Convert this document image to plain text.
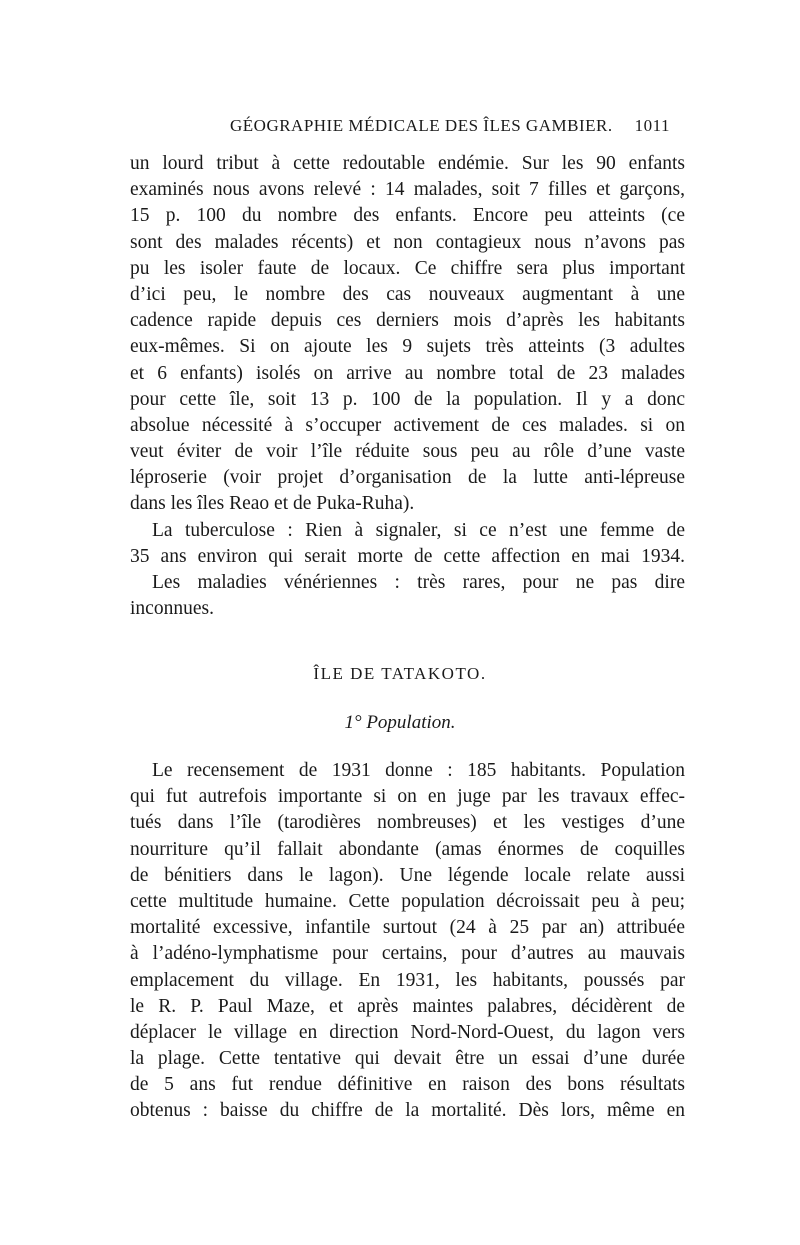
GÉOGRAPHIE MÉDICALE DES ÎLES GAMBIER. 1011
un lourd tribut à cette redoutable endémie. Sur les 90 enfants
examinés nous avons relevé : 14 malades, soit 7 filles et garçons,
15 p. 100 du nombre des enfants. Encore peu atteints (ce
sont des malades récents) et non contagieux nous n’avons pas
pu les isoler faute de locaux. Ce chiffre sera plus important
d’ici peu, le nombre des cas nouveaux augmentant à une
cadence rapide depuis ces derniers mois d’après les habitants
eux-mêmes. Si on ajoute les 9 sujets très atteints (3 adultes
et 6 enfants) isolés on arrive au nombre total de 23 malades
pour cette île, soit 13 p. 100 de la population. Il y a donc
absolue nécessité à s’occuper activement de ces malades. si on
veut éviter de voir l’île réduite sous peu au rôle d’une vaste
léproserie (voir projet d’organisation de la lutte anti-lépreuse
dans les îles Reao et de Puka-Ruha).
La tuberculose : Rien à signaler, si ce n’est une femme de
35 ans environ qui serait morte de cette affection en mai 1934.
Les maladies vénériennes : très rares, pour ne pas dire
inconnues.
ÎLE DE TATAKOTO.
1° Population.
Le recensement de 1931 donne : 185 habitants. Population
qui fut autrefois importante si on en juge par les travaux effec-
tués dans l’île (tarodières nombreuses) et les vestiges d’une
nourriture qu’il fallait abondante (amas énormes de coquilles
de bénitiers dans le lagon). Une légende locale relate aussi
cette multitude humaine. Cette population décroissait peu à peu;
mortalité excessive, infantile surtout (24 à 25 par an) attribuée
à l’adéno-lymphatisme pour certains, pour d’autres au mauvais
emplacement du village. En 1931, les habitants, poussés par
le R. P. Paul Maze, et après maintes palabres, décidèrent de
déplacer le village en direction Nord-Nord-Ouest, du lagon vers
la plage. Cette tentative qui devait être un essai d’une durée
de 5 ans fut rendue définitive en raison des bons résultats
obtenus : baisse du chiffre de la mortalité. Dès lors, même en
